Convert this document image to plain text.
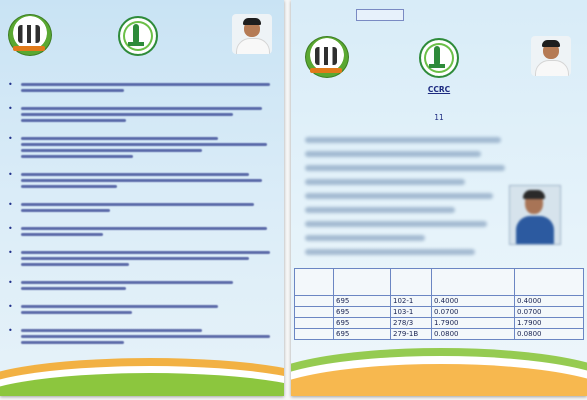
•
•
•
•
•
•
•
•
•
•
CCRC
11

	695	102-1	0.4000	0.4000
	695	103-1	0.0700	0.0700
	695	278/3	1.7900	1.7900
	695	279-1B	0.0800	0.0800
